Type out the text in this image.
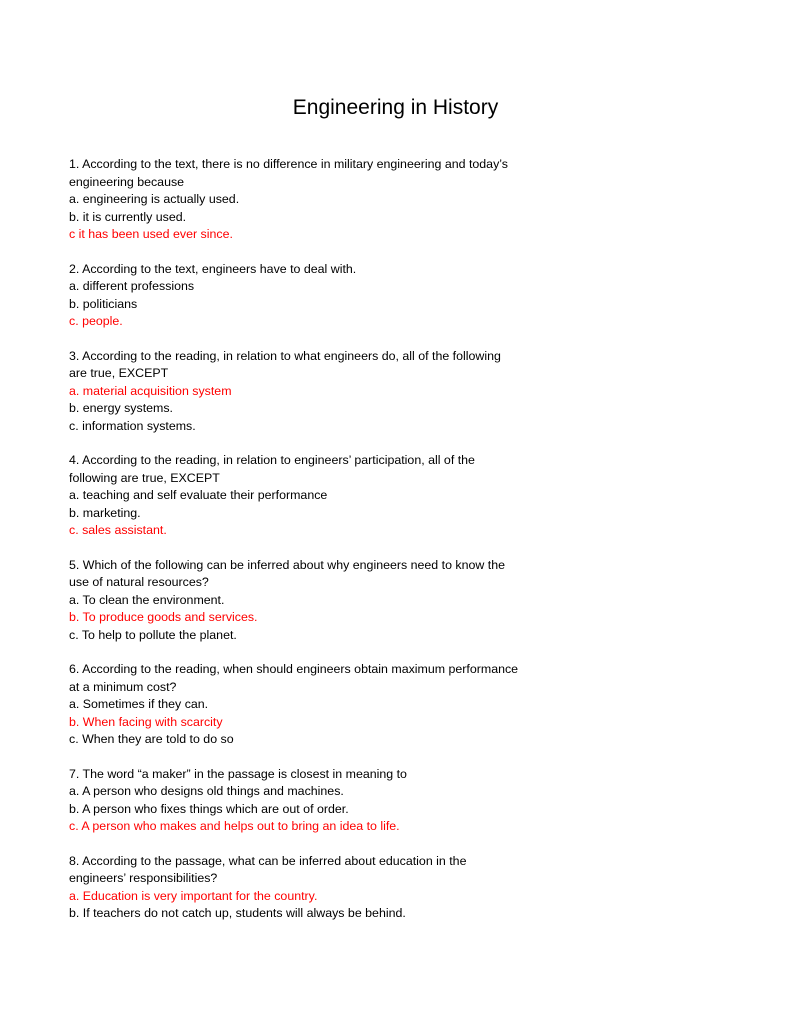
Engineering in History
1. According to the text, there is no difference in military engineering and today’s
engineering because
a. engineering is actually used.
b. it is currently used.
c it has been used ever since.
2. According to the text, engineers have to deal with.
a. different professions
b. politicians
c. people.
3. According to the reading, in relation to what engineers do, all of the following
are true, EXCEPT
a. material acquisition system
b. energy systems.
c. information systems.
4. According to the reading, in relation to engineers’ participation, all of the
following are true, EXCEPT
a. teaching and self evaluate their performance
b. marketing.
c. sales assistant.
5. Which of the following can be inferred about why engineers need to know the
use of natural resources?
a. To clean the environment.
b. To produce goods and services.
c. To help to pollute the planet.
6. According to the reading, when should engineers obtain maximum performance
at a minimum cost?
a. Sometimes if they can.
b. When facing with scarcity
c. When they are told to do so
7. The word “a maker” in the passage is closest in meaning to
a. A person who designs old things and machines.
b. A person who fixes things which are out of order.
c. A person who makes and helps out to bring an idea to life.
8. According to the passage, what can be inferred about education in the
engineers’ responsibilities?
a. Education is very important for the country.
b. If teachers do not catch up, students will always be behind.
